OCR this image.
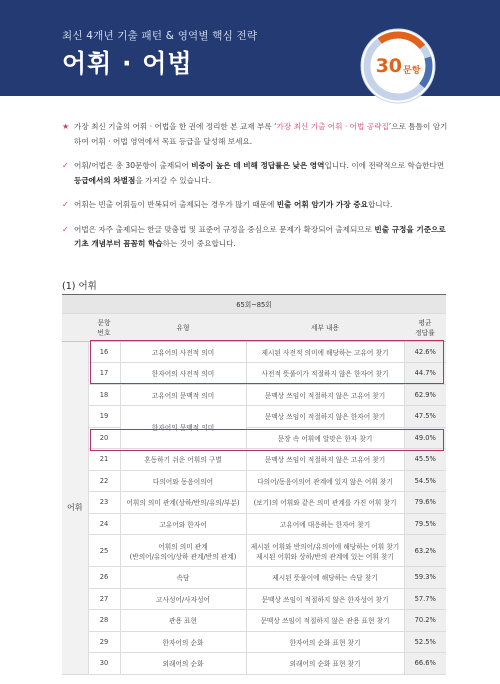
최신 4개년 기출 패턴 & 영역별 핵심 전략
어휘 · 어법	30 문항
★ 가장 최신 기출의 어휘 · 어법을 한 권에 정리한 본 교재 부록 ‘가장 최신 기출 어휘 · 어법 공략집’으로 틈틈이 암기하여 어휘 · 어법 영역에서 목표 등급을 달성해 보세요.
✓ 어휘/어법은 총 30문항이 출제되어 비중이 높은 데 비해 정답률은 낮은 영역입니다. 이에 전략적으로 학습한다면 등급에서의 차별점을 가져갈 수 있습니다.
✓ 어휘는 빈출 어휘들이 반복되어 출제되는 경우가 많기 때문에 빈출 어휘 암기가 가장 중요합니다.
✓ 어법은 자주 출제되는 한글 맞춤법 및 표준어 규정을 중심으로 문제가 확장되어 출제되므로 빈출 규정을 기준으로 기초 개념부터 꼼꼼히 학습하는 것이 중요합니다.
(1) 어휘
65회~85회				
	문항
번호	유형	세부 내용	평균
정답률
어휘	16	고유어의 사전적 의미	제시된 사전적 의미에 해당하는 고유어 찾기	42.6%
	17	한자어의 사전적 의미	사전적 뜻풀이가 적절하지 않은 한자어 찾기	44.7%
	18	고유어의 문맥적 의미	문맥상 쓰임이 적절하지 않은 고유어 찾기	62.9%
	19	한자어의 문맥적 의미	문맥상 쓰임이 적절하지 않은 한자어 찾기	47.5%
	20		문장 속 어휘에 알맞은 한자 찾기	49.0%
	21	혼동하기 쉬운 어휘의 구별	문맥상 쓰임이 적절하지 않은 고유어 찾기	45.5%
	22	다의어와 동음이의어	다의어/동음이의어 관계에 있지 않은 어휘 찾기	54.5%
	23	어휘의 의미 관계(상하/반의/유의/부분)	(보기)의 어휘와 같은 의미 관계를 가진 어휘 찾기	79.6%
	24	고유어와 한자어	고유어에 대응하는 한자어 찾기	79.5%
	25	어휘의 의미 관계
(반의어/유의어/상하 관계/반의 관계)	제시된 어휘와 반의어/유의어에 해당하는 어휘 찾기
제시된 어휘와 상하/반의 관계에 있는 어휘 찾기	63.2%
	26	속담	제시된 뜻풀이에 해당하는 속담 찾기	59.3%
	27	고사성어/사자성어	문맥상 쓰임이 적절하지 않은 한자성어 찾기	57.7%
	28	관용 표현	문맥상 쓰임이 적절하지 않은 관용 표현 찾기	70.2%
	29	한자어의 순화	한자어의 순화 표현 찾기	52.5%
	30	외래어의 순화	외래어의 순화 표현 찾기	66.6%
